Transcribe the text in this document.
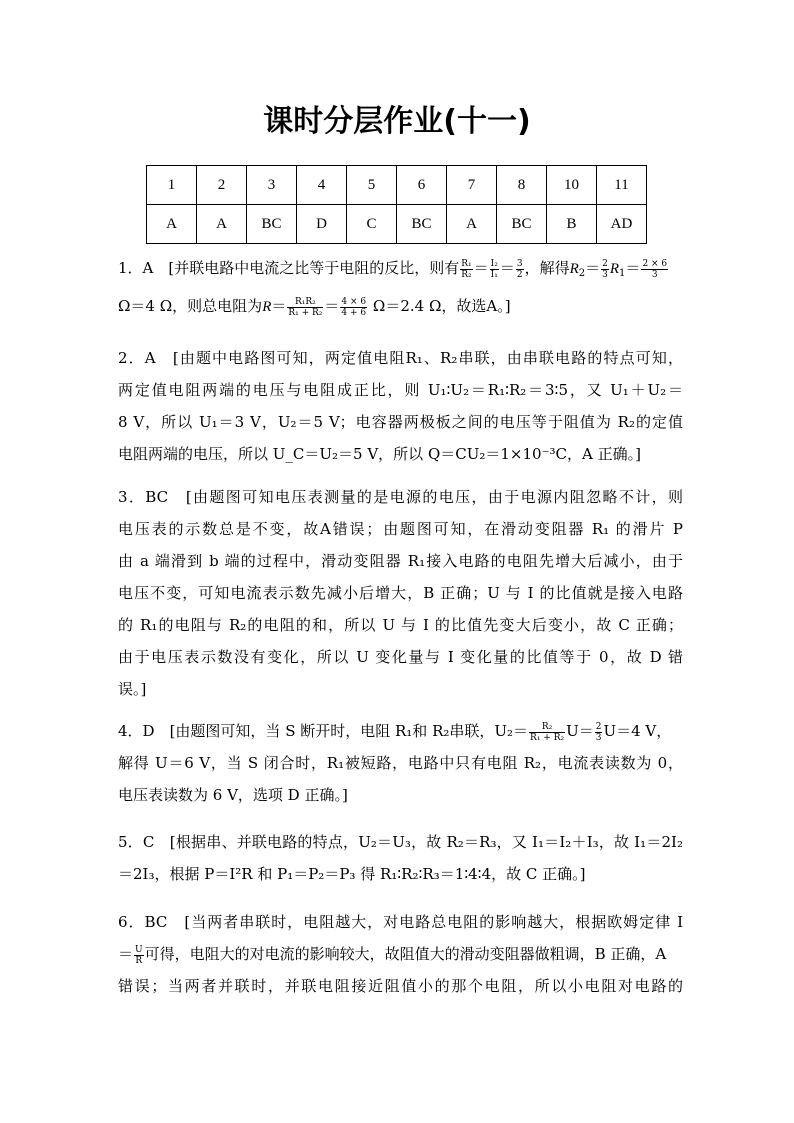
课时分层作业(十一)
1	2	3	4	5	6	7	8	10	11
A	A	BC	D	C	BC	A	BC	B	AD
1．A　[并联电路中电流之比等于电阻的反比，则有 $\frac{\text{R₁}}{\text{R₂}} = \frac{\text{I₂}}{\text{I₁}} = \frac{3}{2}$ ，解得$R_2= \frac{2}{3} R_1= \frac{2 \times 6}{3}$
Ω＝4 Ω，则总电阻为$R= \frac{\text{R₁R₂}}{\text{R₁ + R₂}} = \frac{4 \times 6}{4 + 6} \Omega=2.4$ Ω，故选A。]
2．A　[由题中电路图可知，两定值电阻R₁、R₂串联，由串联电路的特点可知，
两定值电阻两端的电压与电阻成正比，则 U₁∶U₂＝R₁∶R₂＝3∶5，又 U₁＋U₂＝
8 V，所以 U₁＝3 V，U₂＝5 V；电容器两极板之间的电压等于阻值为 R₂的定值
电阻两端的电压，所以 U_C＝U₂＝5 V，所以 Q＝CU₂＝1×10⁻³C，A 正确。]
3．BC　[由题图可知电压表测量的是电源的电压，由于电源内阻忽略不计，则
电压表的示数总是不变，故A错误；由题图可知，在滑动变阻器 R₁ 的滑片 P
由 a 端滑到 b 端的过程中，滑动变阻器 R₁接入电路的电阻先增大后减小，由于
电压不变，可知电流表示数先减小后增大，B 正确；U 与 I 的比值就是接入电路
的 R₁的电阻与 R₂的电阻的和，所以 U 与 I 的比值先变大后变小，故 C 正确；
由于电压表示数没有变化，所以 U 变化量与 I 变化量的比值等于 0，故 D 错
误。]
4．D　[由题图可知，当 S 断开时，电阻 R₁和 R₂串联，$U_2= \frac{\text{R₂}}{\text{R₁ + R₂}} U= \frac{2}{3} U=4$ V，
解得 U＝6 V，当 S 闭合时，R₁被短路，电路中只有电阻 R₂，电流表读数为 0，
电压表读数为 6 V，选项 D 正确。]
5．C　[根据串、并联电路的特点，U₂＝U₃，故 R₂＝R₃，又 I₁＝I₂＋I₃，故 I₁＝2I₂
＝2I₃，根据 P＝I²R 和 P₁＝P₂＝P₃ 得 R₁∶R₂∶R₃＝1∶4∶4，故 C 正确。]
6．BC　[当两者串联时，电阻越大，对电路总电阻的影响越大，根据欧姆定律 I
＝ $\frac{U}{R}$ 可得，电阻大的对电流的影响较大，故阻值大的滑动变阻器做粗调，B 正确，A
错误；当两者并联时，并联电阻接近阻值小的那个电阻，所以小电阻对电路的
